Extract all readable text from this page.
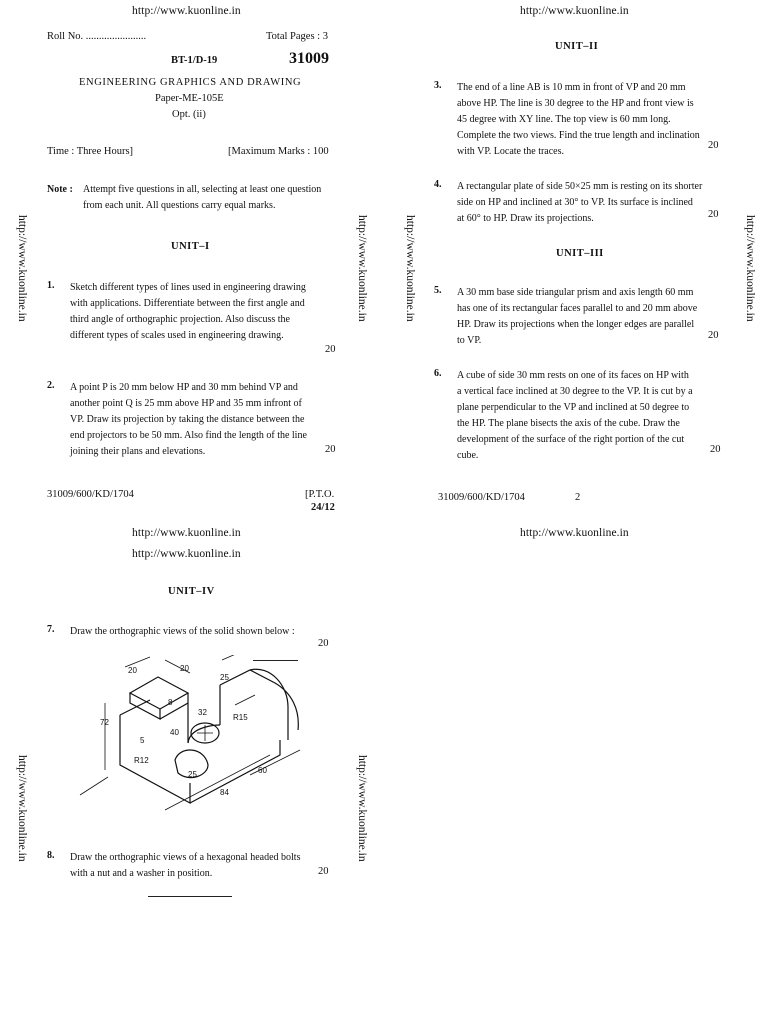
http://www.kuonline.in
Roll No. .......................	Total Pages : 3
BT-1/D-19	31009
ENGINEERING GRAPHICS AND DRAWING
Paper-ME-105E
Opt. (ii)
Time : Three Hours]	[Maximum Marks : 100
Note : Attempt five questions in all, selecting at least one question
from each unit. All questions carry equal marks.
UNIT–I
1. Sketch different types of lines used in engineering drawing
with applications. Differentiate between the first angle and
third angle of orthographic projection. Also discuss the
different types of scales used in engineering drawing.
20
2. A point P is 20 mm below HP and 30 mm behind VP and
another point Q is 25 mm above HP and 35 mm infront of
VP. Draw its projection by taking the distance between the
end projectors to be 50 mm. Also find the length of the line
joining their plans and elevations.	20
31009/600/KD/1704	[P.T.O.
24/12
http://www.kuonline.in
UNIT–II
3. The end of a line AB is 10 mm in front of VP and 20 mm
above HP. The line is 30 degree to the HP and front view is
45 degree with XY line. The top view is 60 mm long.
Complete the two views. Find the true length and inclination
with VP. Locate the traces.
20
4. A rectangular plate of side 50×25 mm is resting on its shorter
side on HP and inclined at 30° to VP. Its surface is inclined
at 60° to HP. Draw its projections.	20
UNIT–III
5. A 30 mm base side triangular prism and axis length 60 mm
has one of its rectangular faces parallel to and 20 mm above
HP. Draw its projections when the longer edges are parallel
to VP.	20
6. A cube of side 30 mm rests on one of its faces on HP with
a vertical face inclined at 30 degree to the VP. It is cut by a
plane perpendicular to the VP and inclined at 50 degree to
the HP. The plane bisects the axis of the cube. Draw the
development of the surface of the right portion of the cut
cube.
20
31009/600/KD/1704	2
http://www.kuonline.in
http://www.kuonline.in
http://www.kuonline.in
UNIT–IV
7. Draw the orthographic views of the solid shown below :
20
20	20
8
25
32
72
R15
40
5
R12
25	60
84
8. Draw the orthographic views of a hexagonal headed bolts
with a nut and a washer in position.	20
http://www.kuonline.in	http://www.kuonline.in	http://www.kuonline.in	http://www.kuonline.in
http://www.kuonline.in	http://www.kuonline.in
